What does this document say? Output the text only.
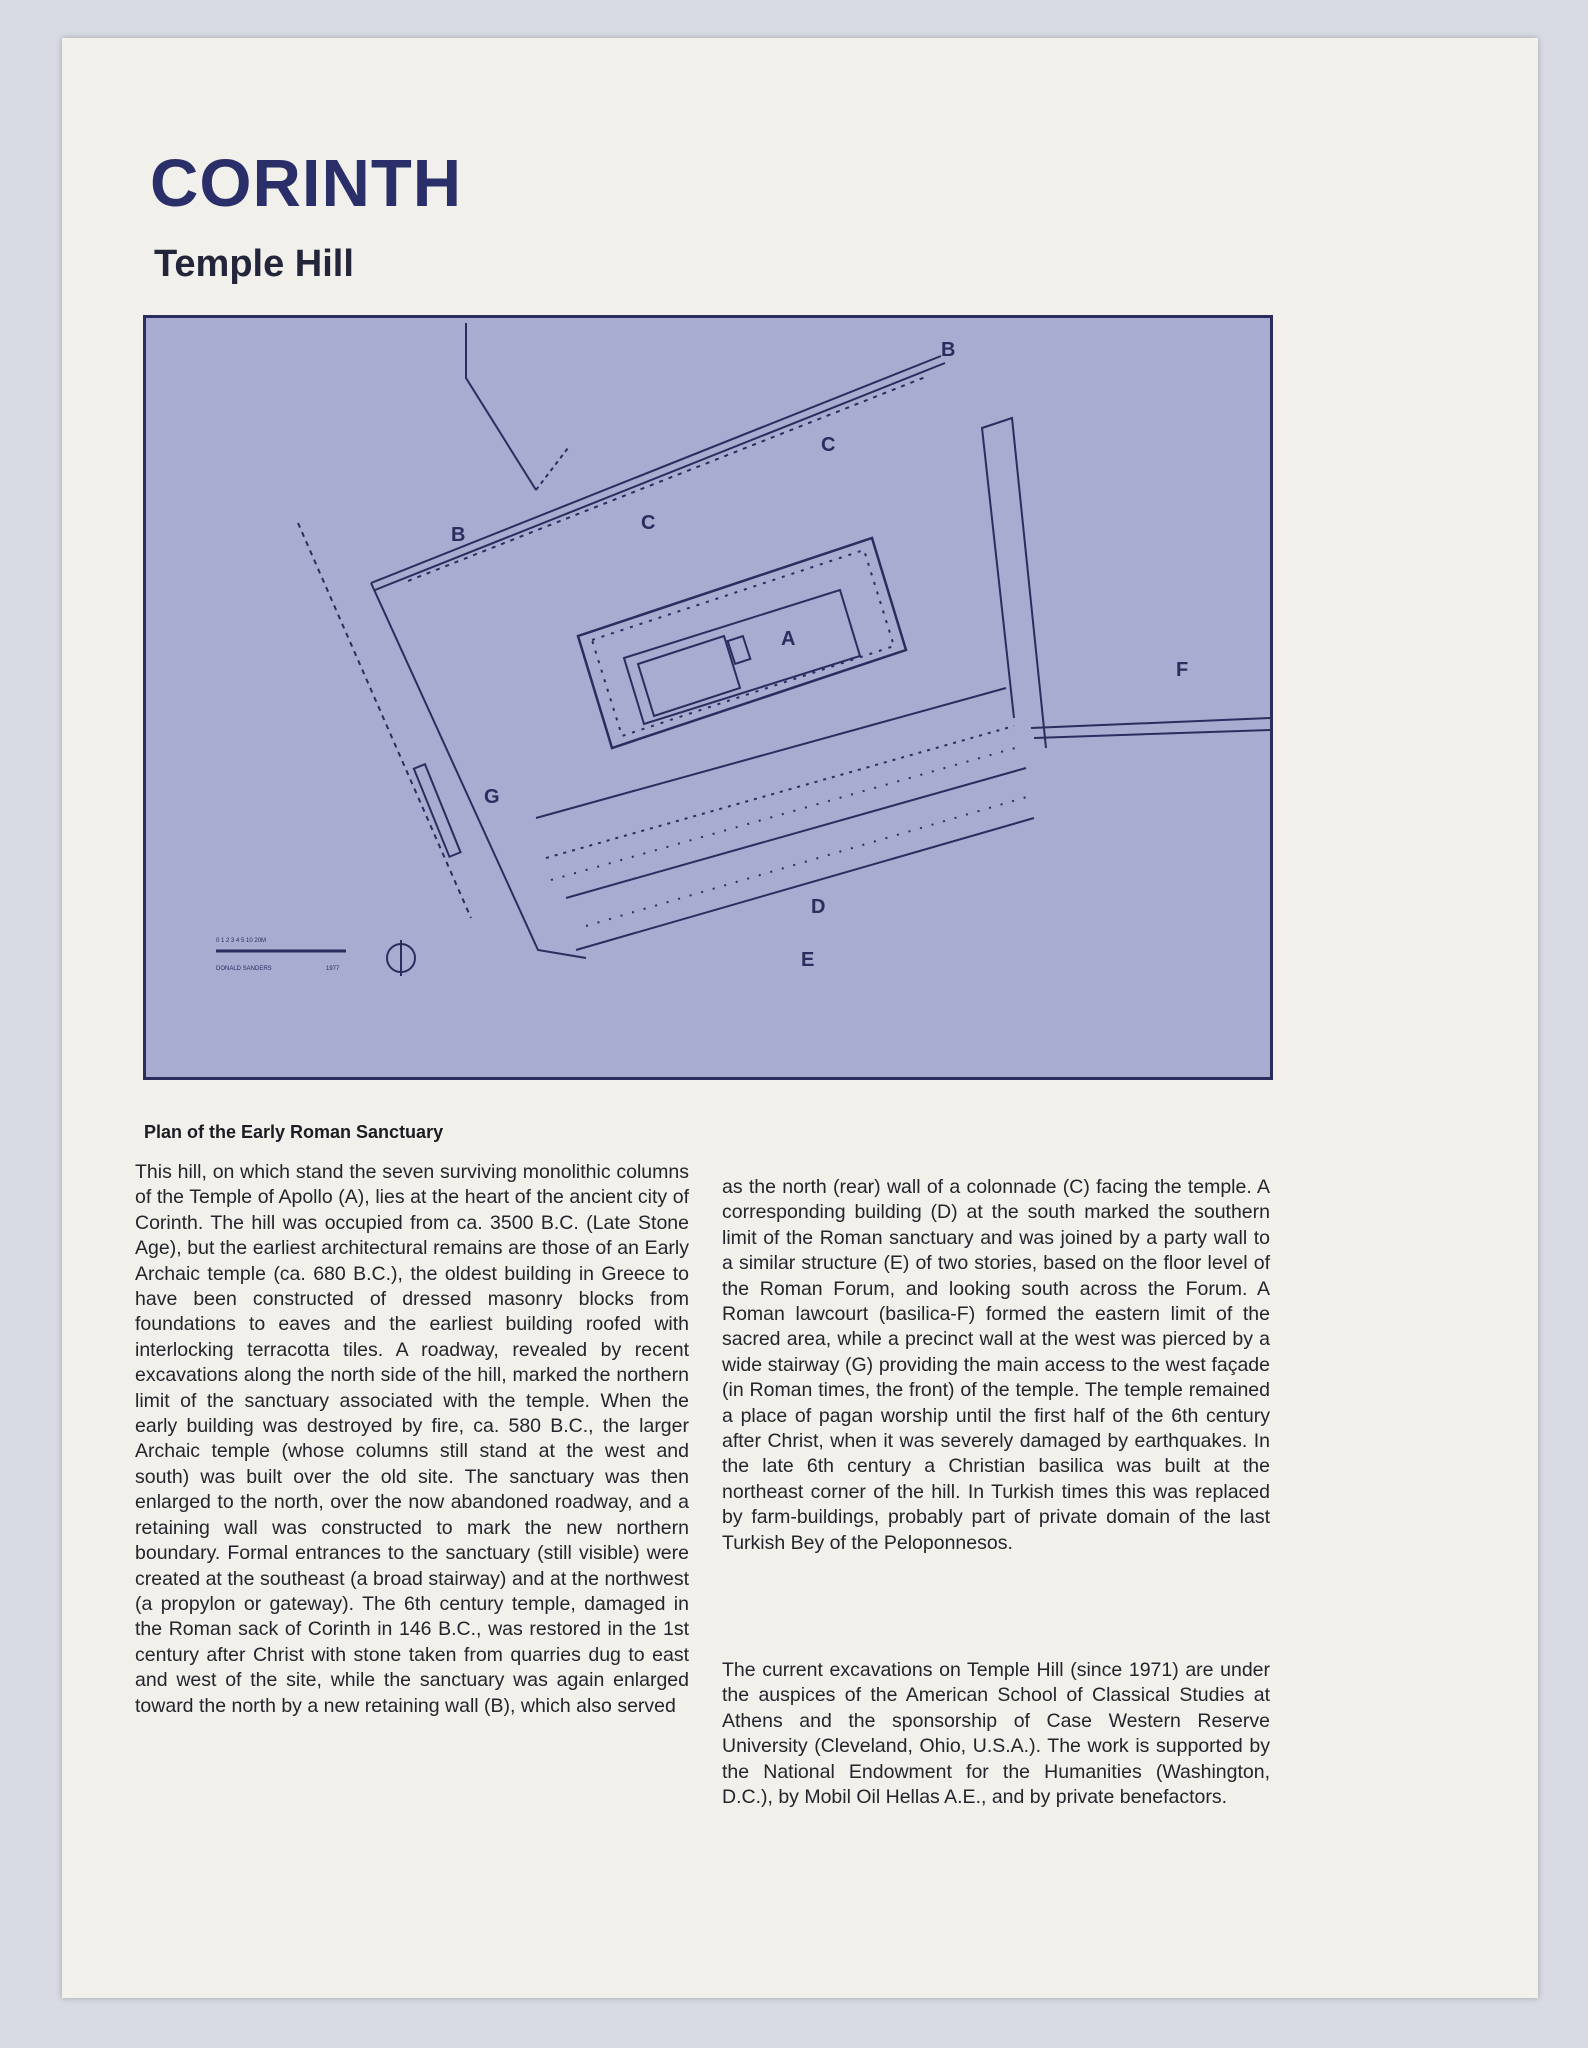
CORINTH
Temple Hill
0 1 2 3 4 5 10 20M
DONALD SANDERS	1977
A
B
B
C
C
D
E
F
G

Plan of the Early Roman Sanctuary

This hill, on which stand the seven surviving monolithic columns of the Temple of Apollo (A), lies at the heart of the ancient city of Corinth. The hill was occupied from ca. 3500 B.C. (Late Stone Age), but the earliest architectural remains are those of an Early Archaic temple (ca. 680 B.C.), the oldest building in Greece to have been constructed of dressed masonry blocks from foundations to eaves and the earliest building roofed with interlocking terracotta tiles. A roadway, revealed by recent excavations along the north side of the hill, marked the northern limit of the sanctuary associated with the temple. When the early building was destroyed by fire, ca. 580 B.C., the larger Archaic temple (whose columns still stand at the west and south) was built over the old site. The sanctuary was then enlarged to the north, over the now abandoned roadway, and a retaining wall was constructed to mark the new northern boundary. Formal entrances to the sanctuary (still visible) were created at the southeast (a broad stairway) and at the northwest (a propylon or gateway). The 6th century temple, damaged in the Roman sack of Corinth in 146 B.C., was restored in the 1st century after Christ with stone taken from quarries dug to east and west of the site, while the sanctuary was again enlarged toward the north by a new retaining wall (B), which also served

as the north (rear) wall of a colonnade (C) facing the temple. A corresponding building (D) at the south marked the southern limit of the Roman sanctuary and was joined by a party wall to a similar structure (E) of two stories, based on the floor level of the Roman Forum, and looking south across the Forum. A Roman lawcourt (basilica-F) formed the eastern limit of the sacred area, while a precinct wall at the west was pierced by a wide stairway (G) providing the main access to the west façade (in Roman times, the front) of the temple. The temple remained a place of pagan worship until the first half of the 6th century after Christ, when it was severely damaged by earthquakes. In the late 6th century a Christian basilica was built at the northeast corner of the hill. In Turkish times this was replaced by farm-buildings, probably part of private domain of the last Turkish Bey of the Peloponnesos.

The current excavations on Temple Hill (since 1971) are under the auspices of the American School of Classical Studies at Athens and the sponsorship of Case Western Reserve University (Cleveland, Ohio, U.S.A.). The work is supported by the National Endowment for the Humanities (Washington, D.C.), by Mobil Oil Hellas A.E., and by private benefactors.
